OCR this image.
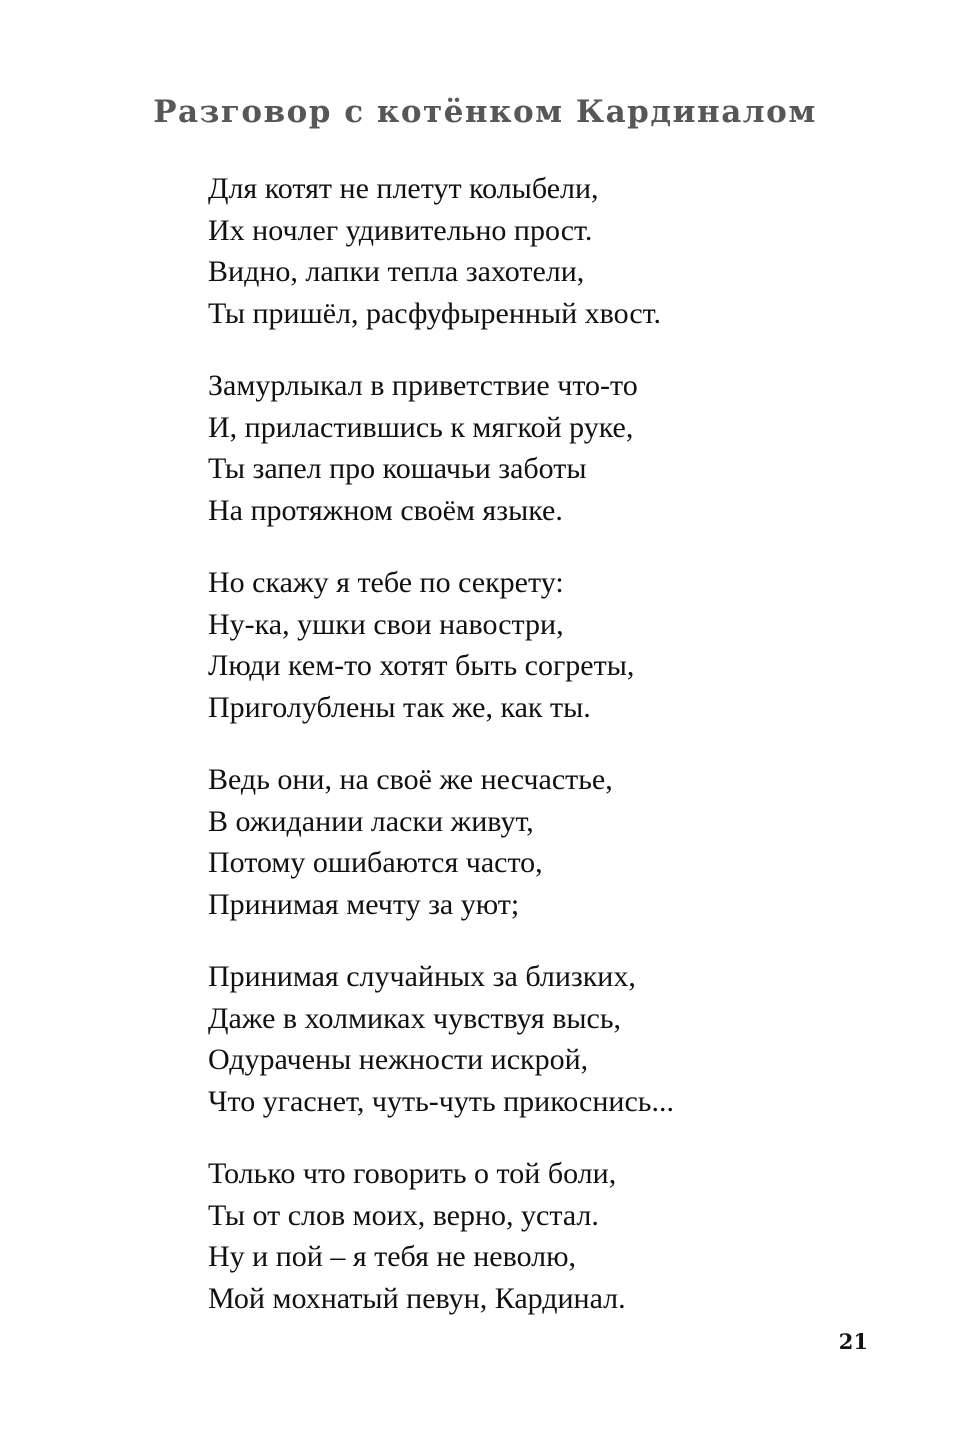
Разговор с котёнком Кардиналом
Для котят не плетут колыбели,
Их ночлег удивительно прост.
Видно, лапки тепла захотели,
Ты пришёл, расфуфыренный хвост.
Замурлыкал в приветствие что-то
И, приластившись к мягкой руке,
Ты запел про кошачьи заботы
На протяжном своём языке.
Но скажу я тебе по секрету:
Ну-ка, ушки свои навостри,
Люди кем-то хотят быть согреты,
Приголублены так же, как ты.
Ведь они, на своё же несчастье,
В ожидании ласки живут,
Потому ошибаются часто,
Принимая мечту за уют;
Принимая случайных за близких,
Даже в холмиках чувствуя высь,
Одурачены нежности искрой,
Что угаснет, чуть-чуть прикоснись...
Только что говорить о той боли,
Ты от слов моих, верно, устал.
Ну и пой – я тебя не неволю,
Мой мохнатый певун, Кардинал.
21
